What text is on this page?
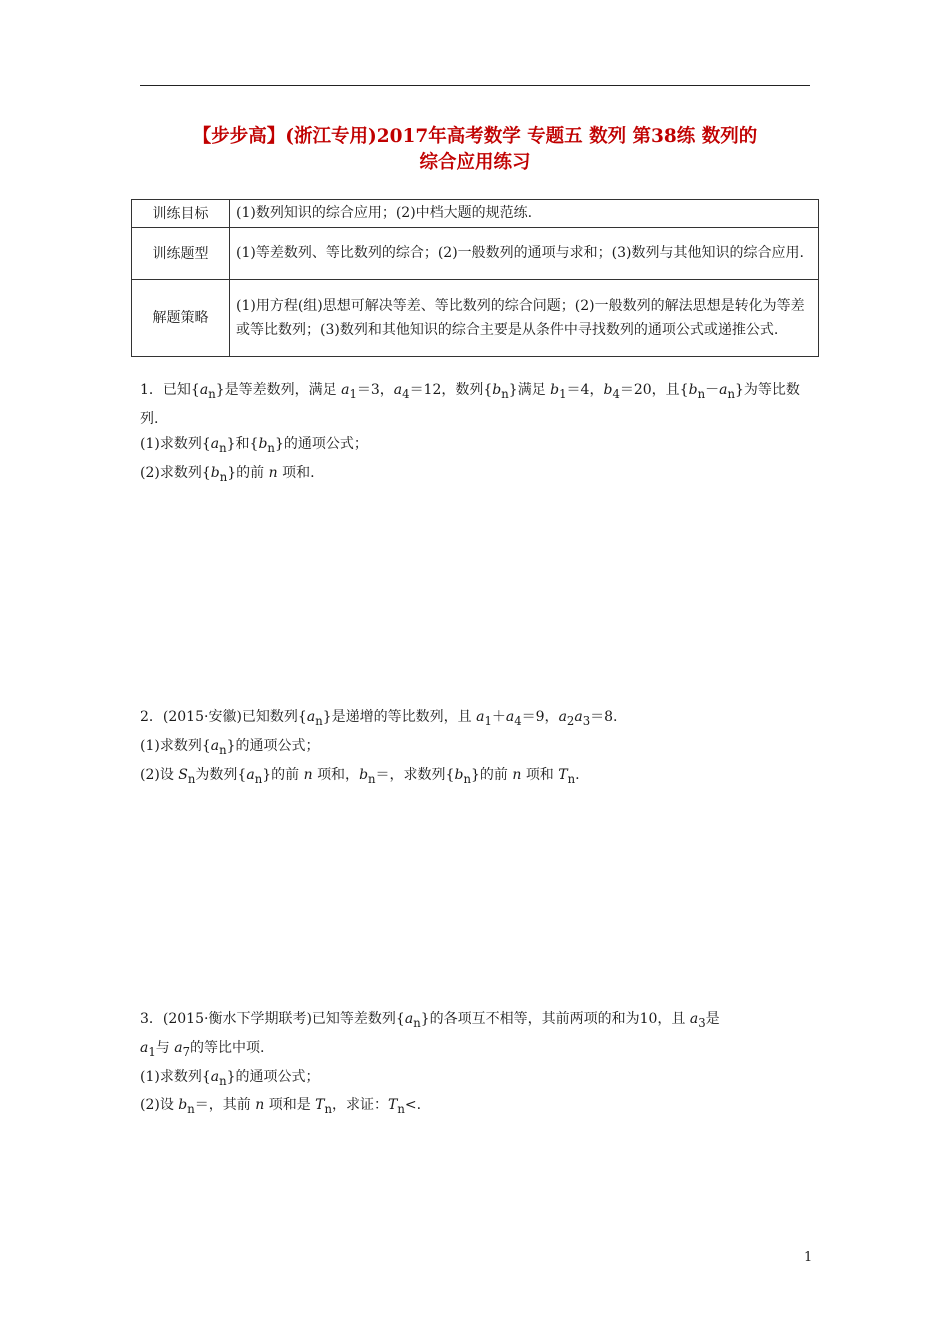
【步步高】(浙江专用)2017年高考数学 专题五 数列 第38练 数列的
综合应用练习
训练目标	(1)数列知识的综合应用；(2)中档大题的规范练.
训练题型	(1)等差数列、等比数列的综合；(2)一般数列的通项与求和；(3)数列与其他知识的综合应用.
解题策略	(1)用方程(组)思想可解决等差、等比数列的综合问题；(2)一般数列的解法思想是转化为等差或等比数列；(3)数列和其他知识的综合主要是从条件中寻找数列的通项公式或递推公式.

1．已知$\{a_n\}$是等差数列，满足 $a_1=3$，$a_4=12$，数列$\{b_n\}$满足 $b_1=4$，$b_4=20$，且$\{b_n-a_n\}$为等比数

列.

(1)求数列$\{a_n\}$和$\{b_n\}$的通项公式；

(2)求数列$\{b_n\}$的前 n 项和.

2．(2015·安徽)已知数列$\{a_n\}$是递增的等比数列，且 $a_1+a_4=9$，$a_2a_3=8$.

(1)求数列$\{a_n\}$的通项公式；

(2)设 $S_n$为数列$\{a_n\}$的前 n 项和，$b_n=$，求数列$\{b_n\}$的前 n 项和 $T_n$.

3．(2015·衡水下学期联考)已知等差数列$\{a_n\}$的各项互不相等，其前两项的和为10，且 $a_3$是

$a_1$与 $a_7$的等比中项.

(1)求数列$\{a_n\}$的通项公式；

(2)设 $b_n=$，其前 n 项和是 $T_n$，求证：$T_n<$.

1
